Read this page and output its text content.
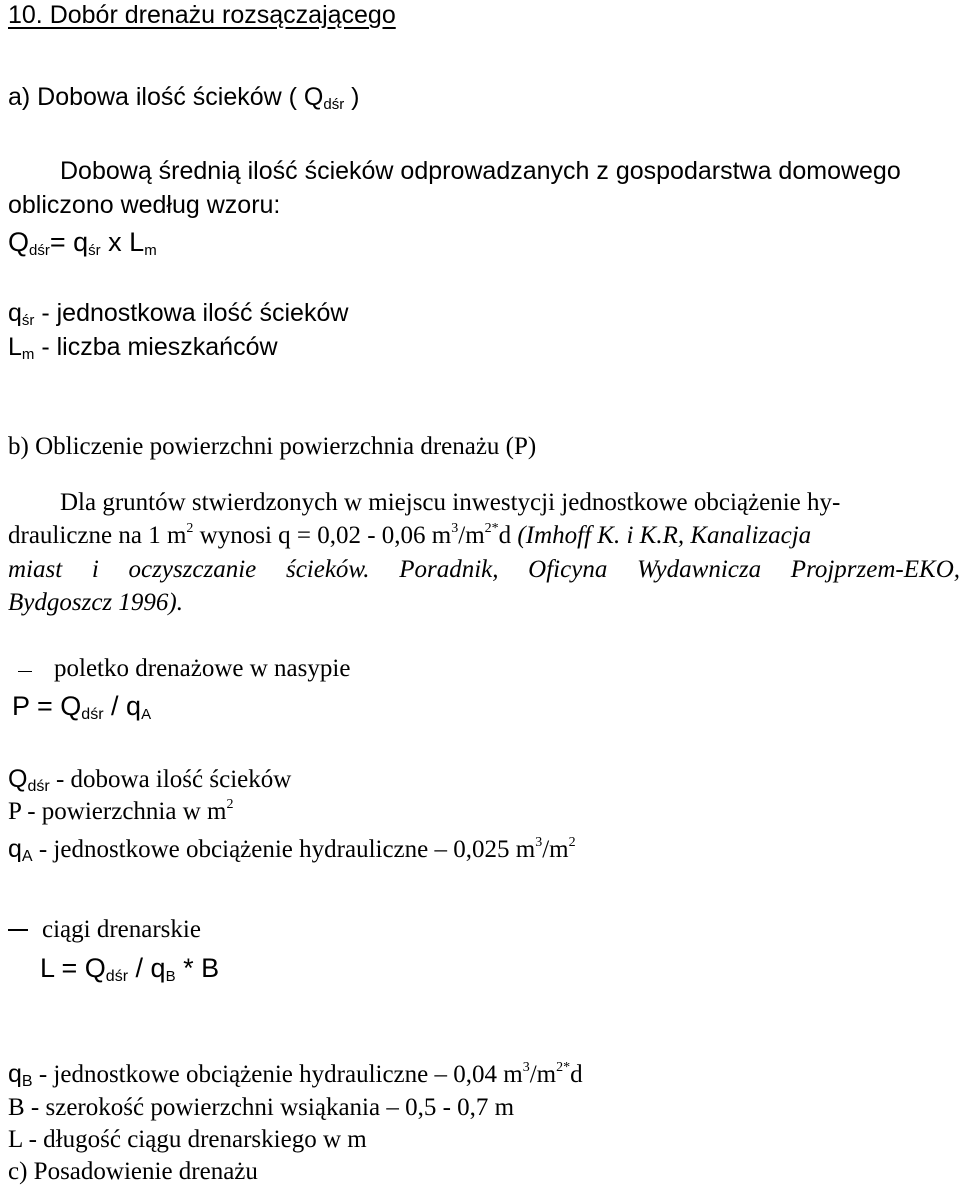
10. Dobór drenażu rozsączającego
a) Dobowa ilość ścieków ( $Q_{dśr}$ )
Dobową średnią ilość ścieków odprowadzanych z gospodarstwa domowego
obliczono według wzoru:
$Q_{dśr}= q_{śr}$ x $L_m$
$q_{śr}$ - jednostkowa ilość ścieków
$L_m$ - liczba mieszkańców
b) Obliczenie powierzchni powierzchnia drenażu (P)
Dla gruntów stwierdzonych w miejscu inwestycji jednostkowe obciążenie hy-
drauliczne na 1 $m^2$ wynosi q = 0,02 - 0,06 $m^3/m^{2*}d$ (Imhoff K. i K.R, Kanalizacja
miast i oczyszczanie ścieków. Poradnik, Oficyna Wydawnicza Projprzem-EKO,
Bydgoszcz 1996).
poletko drenażowe w nasypie
P = Qdśr / $q_A$
Qdśr - dobowa ilość ścieków
P - powierzchnia w $m^2$
qA - jednostkowe obciążenie hydrauliczne – 0,025 $m^3/m^2$
ciągi drenarskie
L = Qdśr / $q_B$ * B
qB - jednostkowe obciążenie hydrauliczne – 0,04 $m^3/m^{2*}d$
B - szerokość powierzchni wsiąkania – 0,5 - 0,7 m
L - długość ciągu drenarskiego w m
c) Posadowienie drenażu
